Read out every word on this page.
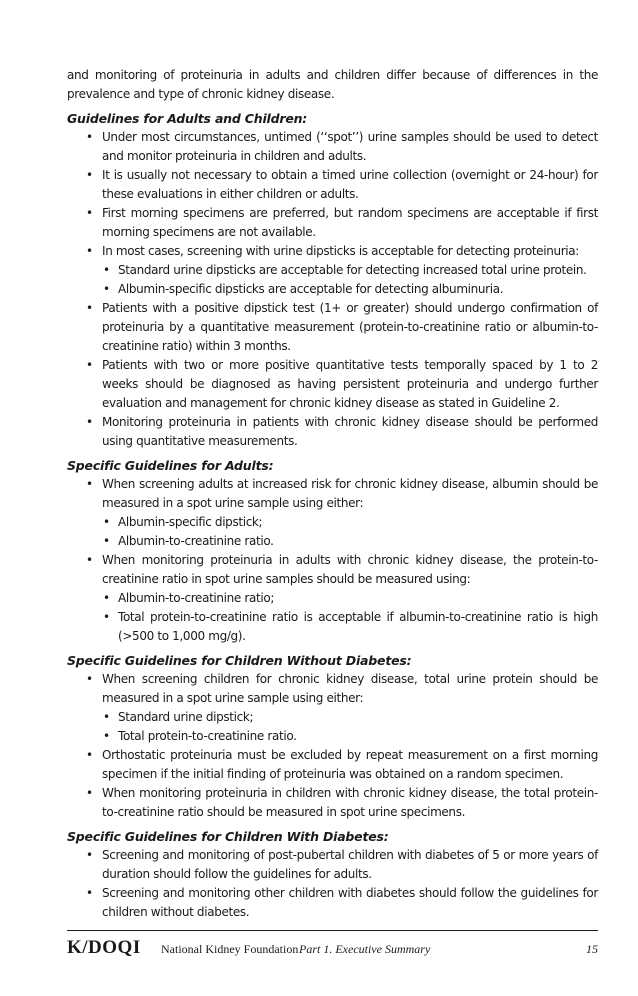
and monitoring of proteinuria in adults and children differ because of differences in the prevalence and type of chronic kidney disease.

Guidelines for Adults and Children:
• Under most circumstances, untimed (‘‘spot’’) urine samples should be used to detect and monitor proteinuria in children and adults.
• It is usually not necessary to obtain a timed urine collection (overnight or 24-hour) for these evaluations in either children or adults.
• First morning specimens are preferred, but random specimens are acceptable if first morning specimens are not available.
• In most cases, screening with urine dipsticks is acceptable for detecting proteinuria:
• Standard urine dipsticks are acceptable for detecting increased total urine protein.
• Albumin-specific dipsticks are acceptable for detecting albuminuria.
• Patients with a positive dipstick test (1+ or greater) should undergo confirmation of proteinuria by a quantitative measurement (protein-to-creatinine ratio or albumin-to-creatinine ratio) within 3 months.
• Patients with two or more positive quantitative tests temporally spaced by 1 to 2 weeks should be diagnosed as having persistent proteinuria and undergo further evaluation and management for chronic kidney disease as stated in Guideline 2.
• Monitoring proteinuria in patients with chronic kidney disease should be performed using quantitative measurements.
Specific Guidelines for Adults:
• When screening adults at increased risk for chronic kidney disease, albumin should be measured in a spot urine sample using either:
• Albumin-specific dipstick;
• Albumin-to-creatinine ratio.
• When monitoring proteinuria in adults with chronic kidney disease, the protein-to-creatinine ratio in spot urine samples should be measured using:
• Albumin-to-creatinine ratio;
• Total protein-to-creatinine ratio is acceptable if albumin-to-creatinine ratio is high (>500 to 1,000 mg/g).
Specific Guidelines for Children Without Diabetes:
• When screening children for chronic kidney disease, total urine protein should be measured in a spot urine sample using either:
• Standard urine dipstick;
• Total protein-to-creatinine ratio.
• Orthostatic proteinuria must be excluded by repeat measurement on a first morning specimen if the initial finding of proteinuria was obtained on a random specimen.
• When monitoring proteinuria in children with chronic kidney disease, the total protein-to-creatinine ratio should be measured in spot urine specimens.
Specific Guidelines for Children With Diabetes:
• Screening and monitoring of post-pubertal children with diabetes of 5 or more years of duration should follow the guidelines for adults.
• Screening and monitoring other children with diabetes should follow the guidelines for children without diabetes.
K/DOQI National Kidney Foundation Part 1. Executive Summary	15
